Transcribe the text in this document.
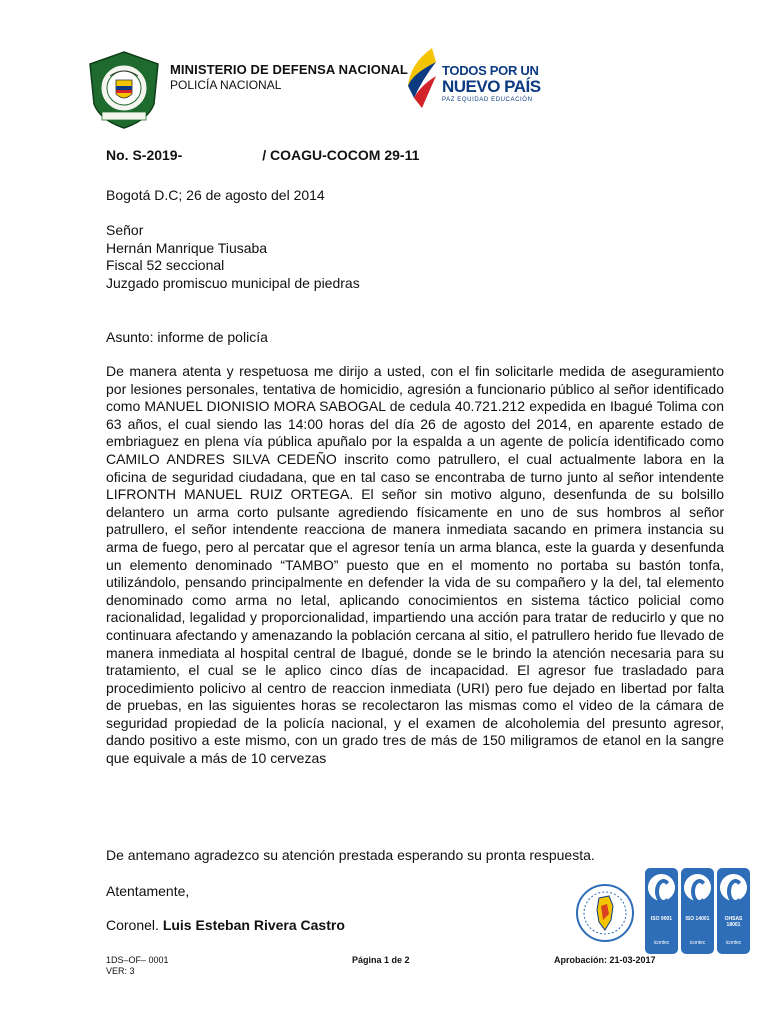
MINISTERIO DE DEFENSA NACIONAL
POLICÍA NACIONAL
TODOS POR UN
NUEVO PAÍS
PAZ EQUIDAD EDUCACIÓN
No. S-2019-	/ COAGU-COCOM 29-11
Bogotá D.C; 26 de agosto del 2014
Señor
Hernán Manrique Tiusaba
Fiscal 52 seccional
Juzgado promiscuo municipal de piedras
Asunto: informe de policía
De manera atenta y respetuosa me dirijo a usted, con el fin solicitarle medida de aseguramiento por lesiones personales, tentativa de homicidio, agresión a funcionario público al señor identificado como MANUEL DIONISIO MORA SABOGAL de cedula 40.721.212 expedida en Ibagué Tolima con 63 años, el cual siendo las 14:00 horas del día 26 de agosto del 2014, en aparente estado de embriaguez en plena vía pública apuñalo por la espalda a un agente de policía identificado como CAMILO ANDRES SILVA CEDEÑO inscrito como patrullero, el cual actualmente labora en la oficina de seguridad ciudadana, que en tal caso se encontraba de turno junto al señor intendente LIFRONTH MANUEL RUIZ ORTEGA. El señor sin motivo alguno, desenfunda de su bolsillo delantero un arma corto pulsante agrediendo físicamente en uno de sus hombros al señor patrullero, el señor intendente reacciona de manera inmediata sacando en primera instancia su arma de fuego, pero al percatar que el agresor tenía un arma blanca, este la guarda y desenfunda un elemento denominado “TAMBO” puesto que en el momento no portaba su bastón tonfa, utilizándolo, pensando principalmente en defender la vida de su compañero y la del, tal elemento denominado como arma no letal, aplicando conocimientos en sistema táctico policial como racionalidad, legalidad y proporcionalidad, impartiendo una acción para tratar de reducirlo y que no continuara afectando y amenazando la población cercana al sitio, el patrullero herido fue llevado de manera inmediata al hospital central de Ibagué, donde se le brindo la atención necesaria para su tratamiento, el cual se le aplico cinco días de incapacidad. El agresor fue trasladado para procedimiento policivo al centro de reaccion inmediata (URI) pero fue dejado en libertad por falta de pruebas, en las siguientes horas se recolectaron las mismas como el video de la cámara de seguridad propiedad de la policía nacional, y el examen de alcoholemia del presunto agresor, dando positivo a este mismo, con un grado tres de más de 150 miligramos de etanol en la sangre que equivale a más de 10 cervezas
De antemano agradezco su atención prestada esperando su pronta respuesta.
Atentamente,
Coronel. Luis Esteban Rivera Castro
1DS–OF– 0001
VER: 3
Página 1 de 2	Aprobación: 21-03-2017
ISO 9001
icontec
ISO 14001
icontec
OHSAS 18001
icontec
